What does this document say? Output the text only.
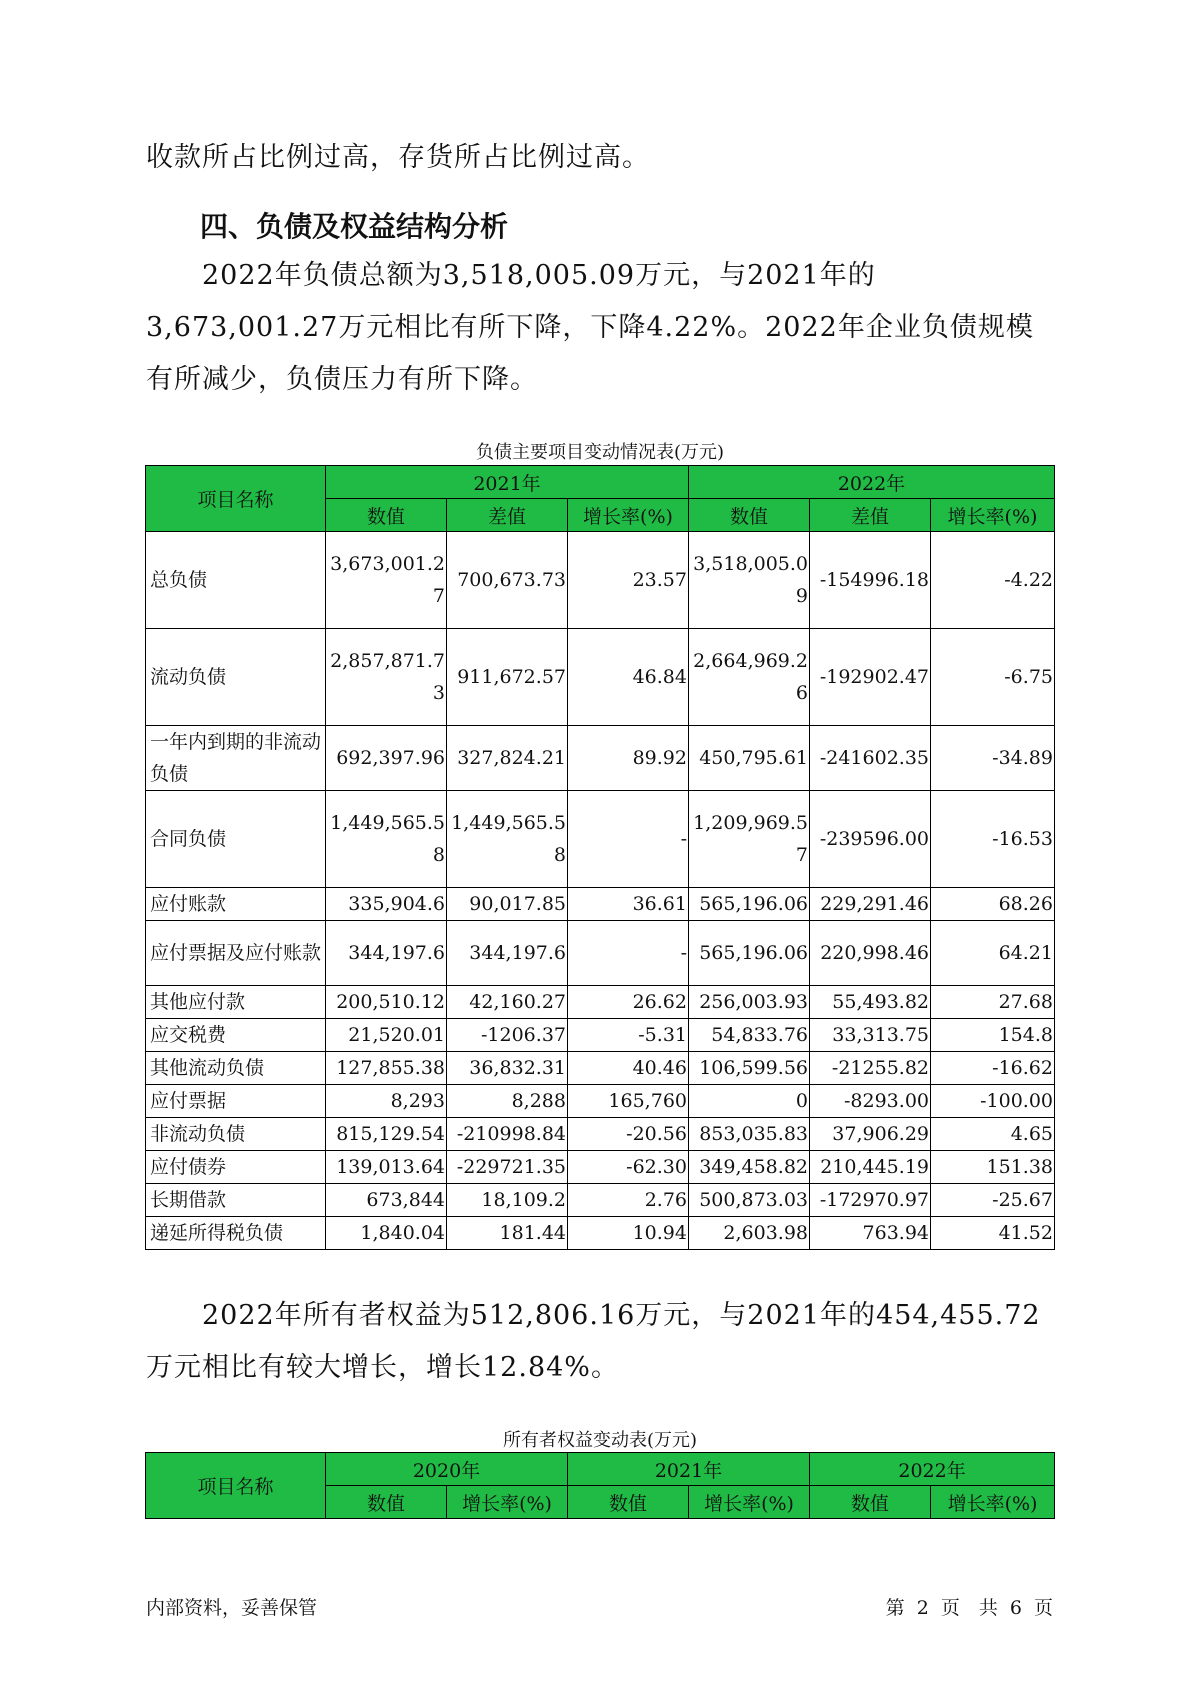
收款所占比例过高，存货所占比例过高。

四、负债及权益结构分析

　　2022年负债总额为3,518,005.09万元，与2021年的3,673,001.27万元相比有所下降，下降4.22%。2022年企业负债规模有所减少，负债压力有所下降。

负债主要项目变动情况表(万元)

项目名称	2021年			2022年		
	数值	差值	增长率(%)	数值	差值	增长率(%)
总负债	3,673,001.27	700,673.73	23.57	3,518,005.09	-154996.18	-4.22
流动负债	2,857,871.73	911,672.57	46.84	2,664,969.26	-192902.47	-6.75
一年内到期的非流动负债	692,397.96	327,824.21	89.92	450,795.61	-241602.35	-34.89
合同负债	1,449,565.58	1,449,565.58	-	1,209,969.57	-239596.00	-16.53
应付账款	335,904.6	90,017.85	36.61	565,196.06	229,291.46	68.26
应付票据及应付账款	344,197.6	344,197.6	-	565,196.06	220,998.46	64.21
其他应付款	200,510.12	42,160.27	26.62	256,003.93	55,493.82	27.68
应交税费	21,520.01	-1206.37	-5.31	54,833.76	33,313.75	154.8
其他流动负债	127,855.38	36,832.31	40.46	106,599.56	-21255.82	-16.62
应付票据	8,293	8,288	165,760	0	-8293.00	-100.00
非流动负债	815,129.54	-210998.84	-20.56	853,035.83	37,906.29	4.65
应付债券	139,013.64	-229721.35	-62.30	349,458.82	210,445.19	151.38
长期借款	673,844	18,109.2	2.76	500,873.03	-172970.97	-25.67
递延所得税负债	1,840.04	181.44	10.94	2,603.98	763.94	41.52

　　2022年所有者权益为512,806.16万元，与2021年的454,455.72万元相比有较大增长，增长12.84%。

所有者权益变动表(万元)

项目名称	2020年		2021年		2022年	
	数值	增长率(%)	数值	增长率(%)	数值	增长率(%)
内部资料，妥善保管	第 2 页　共 6 页
